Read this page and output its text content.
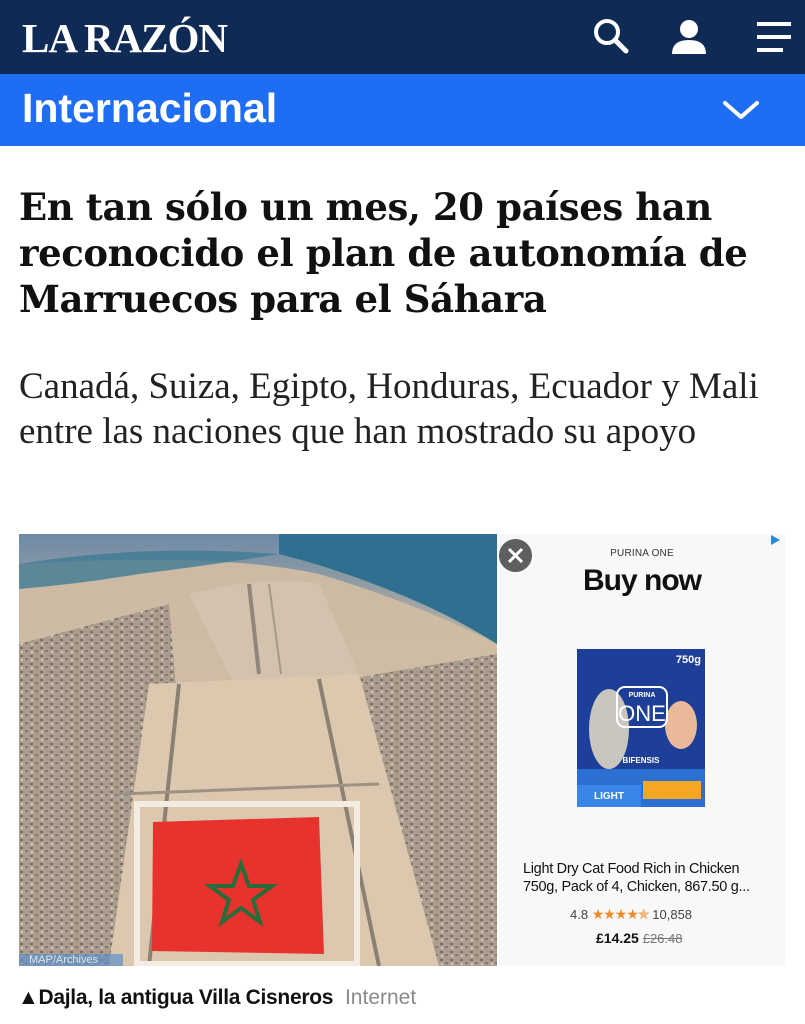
LA RAZÓN
Internacional
En tan sólo un mes, 20 países han reconocido el plan de autonomía de Marruecos para el Sáhara

Canadá, Suiza, Egipto, Honduras, Ecuador y Mali entre las naciones que han mostrado su apoyo

MAP/Archives
PURINA ONE
Buy now
750g
PURINA
ONE
BIFENSIS
LIGHT
Light Dry Cat Food Rich in Chicken 750g, Pack of 4, Chicken, 867.50 g...
4.8 ★★★★✯ 10,858
£14.25 £26.48
▲Dajla, la antigua Villa Cisneros Internet
